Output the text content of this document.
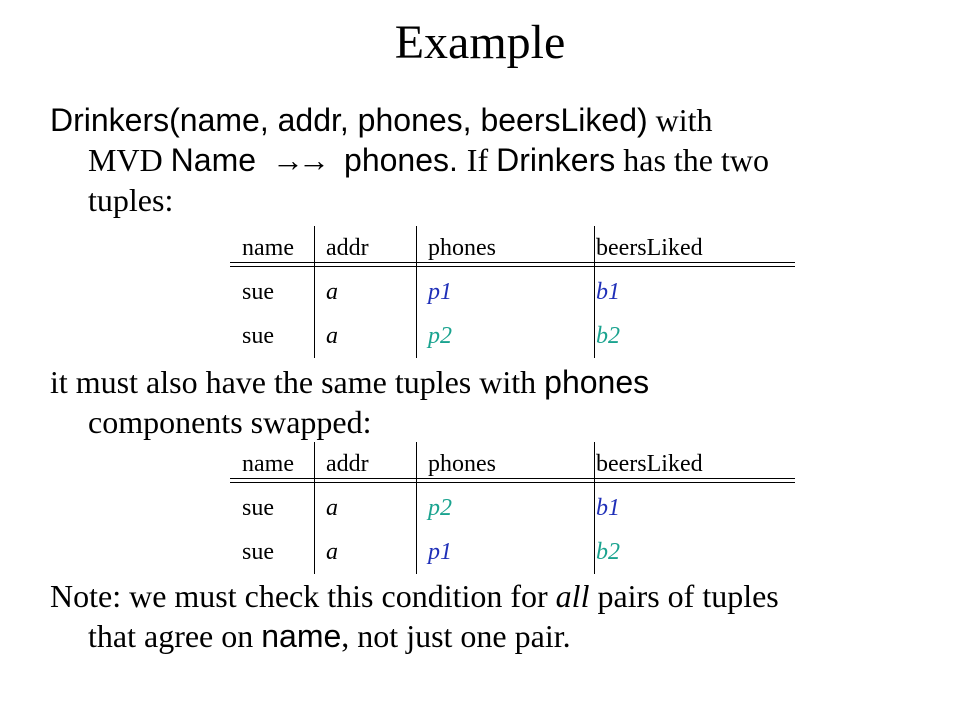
Example
Drinkers(name, addr, phones, beersLiked) with
MVD Name →→ phones. If Drinkers has the two
tuples:
name	addr	phones	beersLiked
sue	a	p1	b1
sue	a	p2	b2
it must also have the same tuples with phones
components swapped:
name	addr	phones	beersLiked
sue	a	p2	b1
sue	a	p1	b2
Note: we must check this condition for all pairs of tuples
that agree on name, not just one pair.
